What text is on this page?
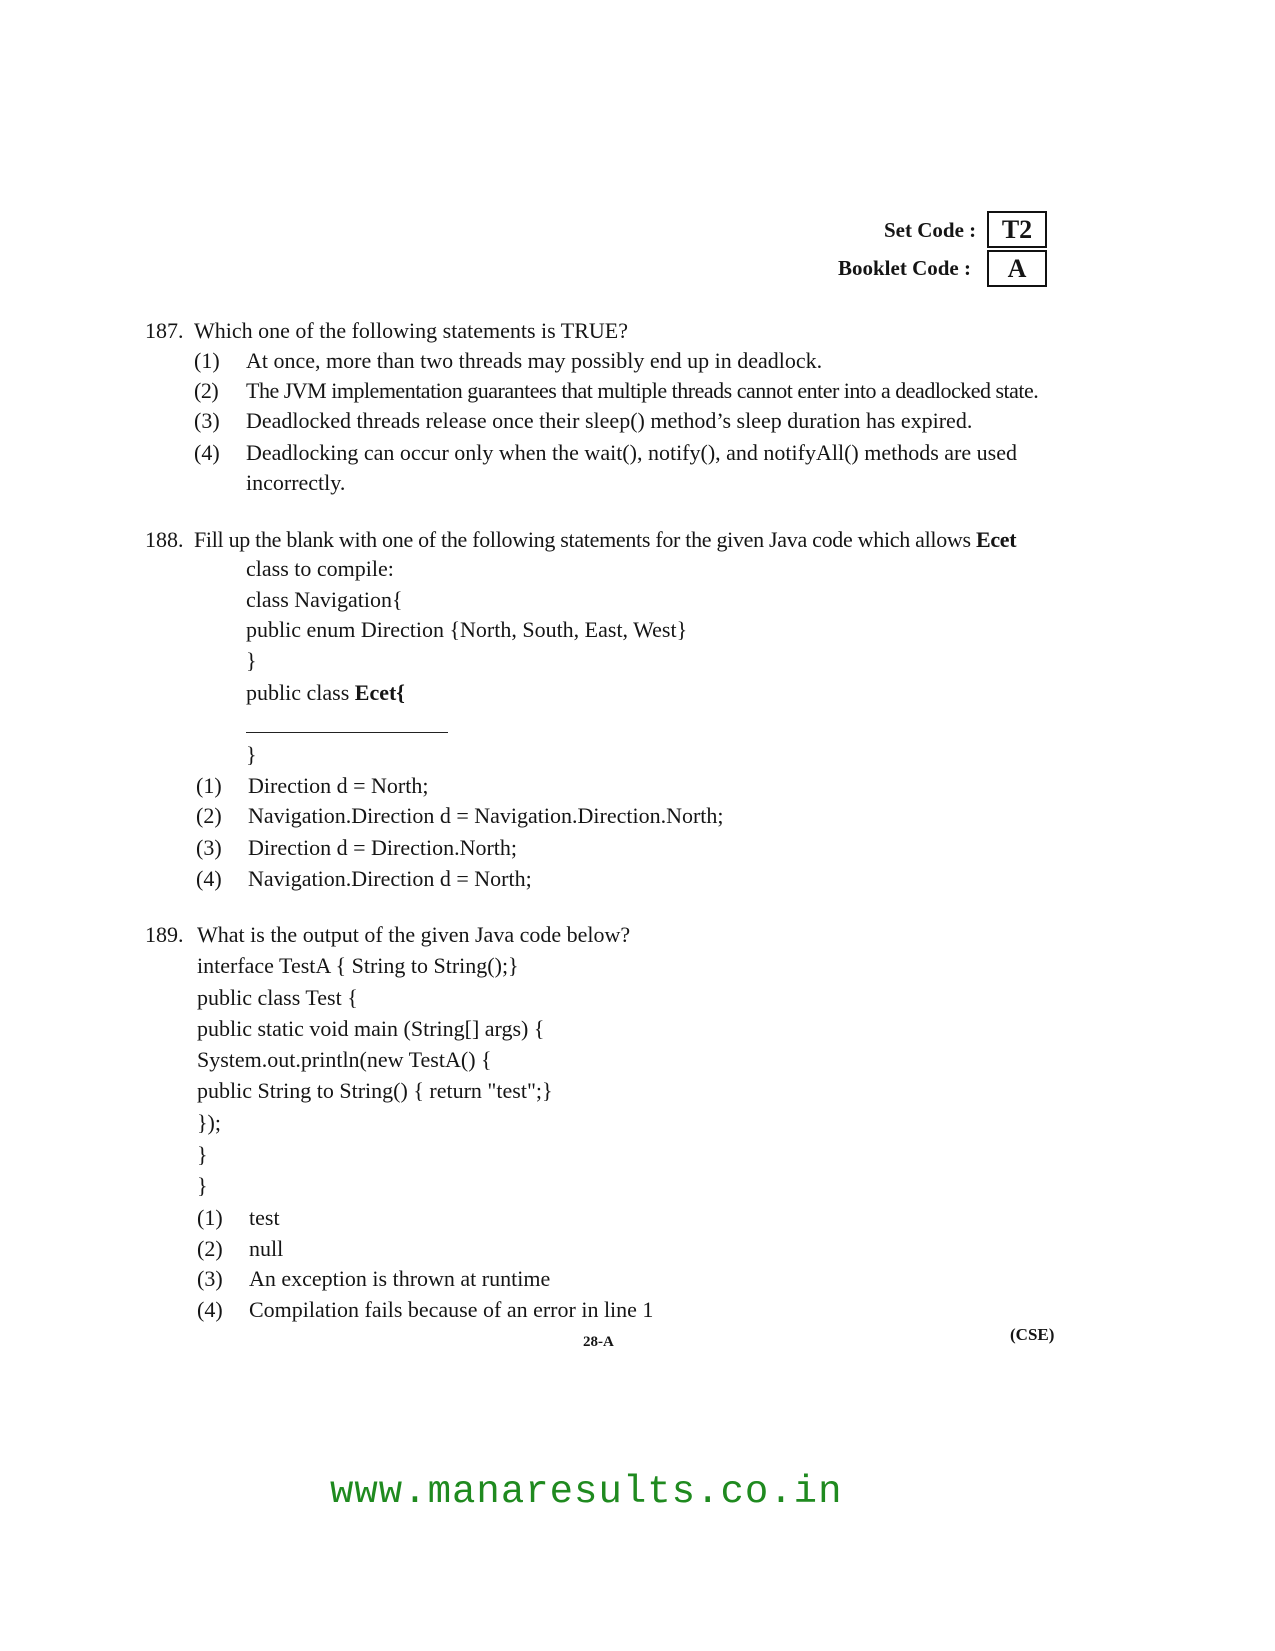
Set Code : T2
Booklet Code :	A
187. Which one of the following statements is TRUE?
(1) At once, more than two threads may possibly end up in deadlock.
(2) The JVM implementation guarantees that multiple threads cannot enter into a deadlocked state.
(3) Deadlocked threads release once their sleep() method’s sleep duration has expired.
(4) Deadlocking can occur only when the wait(), notify(), and notifyAll() methods are used
incorrectly.
188. Fill up the blank with one of the following statements for the given Java code which allows Ecet
class to compile:
class Navigation{
public enum Direction {North, South, East, West}
}
public class Ecet{
}
(1) Direction d = North;
(2) Navigation.Direction d = Navigation.Direction.North;
(3) Direction d = Direction.North;
(4) Navigation.Direction d = North;
189. What is the output of the given Java code below?
interface TestA { String to String();}
public class Test {
public static void main (String[] args) {
System.out.println(new TestA() {
public String to String() { return "test";}
});
}
}
(1) test
(2) null
(3) An exception is thrown at runtime
(4) Compilation fails because of an error in line 1
28-A	(CSE)
www.manaresults.co.in
